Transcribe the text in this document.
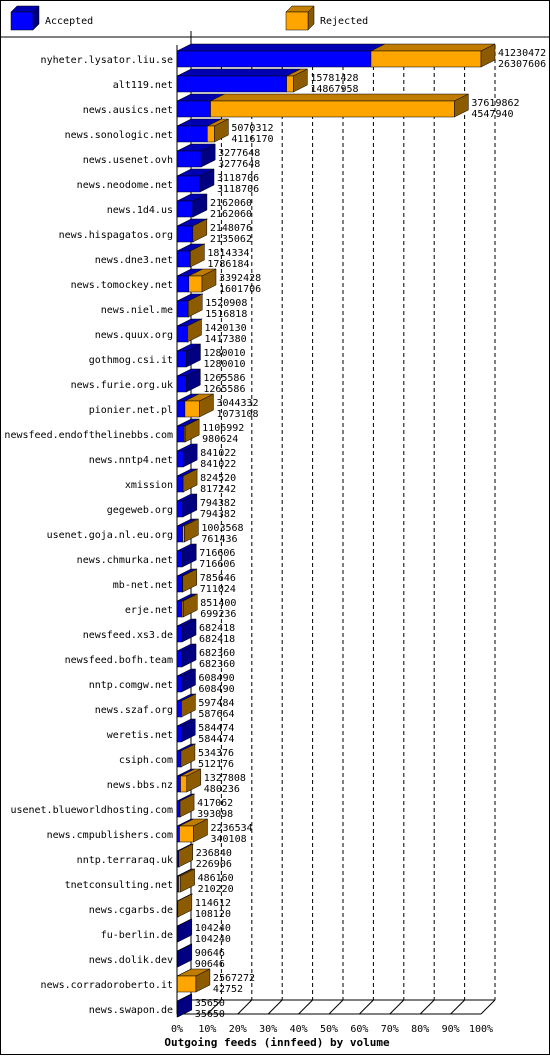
Accepted	Rejected
nyheter.lysator.liu.se
alt119.net
news.ausics.net
news.sonologic.net
news.usenet.ovh
news.neodome.net
news.1d4.us
news.hispagatos.org
news.dne3.net
news.tomockey.net
news.niel.me
news.quux.org
gothmog.csi.it
news.furie.org.uk
pionier.net.pl
newsfeed.endofthelinebbs.com
news.nntp4.net
xmission
gegeweb.org
usenet.goja.nl.eu.org
news.chmurka.net
mb-net.net
erje.net
newsfeed.xs3.de
newsfeed.bofh.team
nntp.comgw.net
news.szaf.org
weretis.net
csiph.com
news.bbs.nz
usenet.blueworldhosting.com
news.cmpublishers.com
nntp.terraraq.uk
tnetconsulting.net
news.cgarbs.de
fu-berlin.de
news.dolik.dev
news.corradoroberto.it
news.swapon.de
41230472
26307606
15781428
14867958
37619862
4547940
5070312
4116170
3277648
3277648
3118706
3118706
2162060
2162060
2148076
2135062
1814334
1786184
3392428
1601706
1520908
1516818
1420130
1417380
1280010
1280010
1265586
1265586
3044332
1073108
1106992
980624
841022
841022
824520
817242
794382
794382
1003568
761436
716606
716606
785646
711024
851400
699236
682418
682418
682360
682360
608490
608490
597484
587664
584474
584474
534376
512176
1327808
480236
417062
393098
2236534
340108
236840
226906
486160
210220
114612
108120
104240
104240
90646
90646
2567272
42752
35650
35650
0% 10% 20% 30% 40% 50% 60% 70% 80% 90% 100%
Outgoing feeds (innfeed) by volume
